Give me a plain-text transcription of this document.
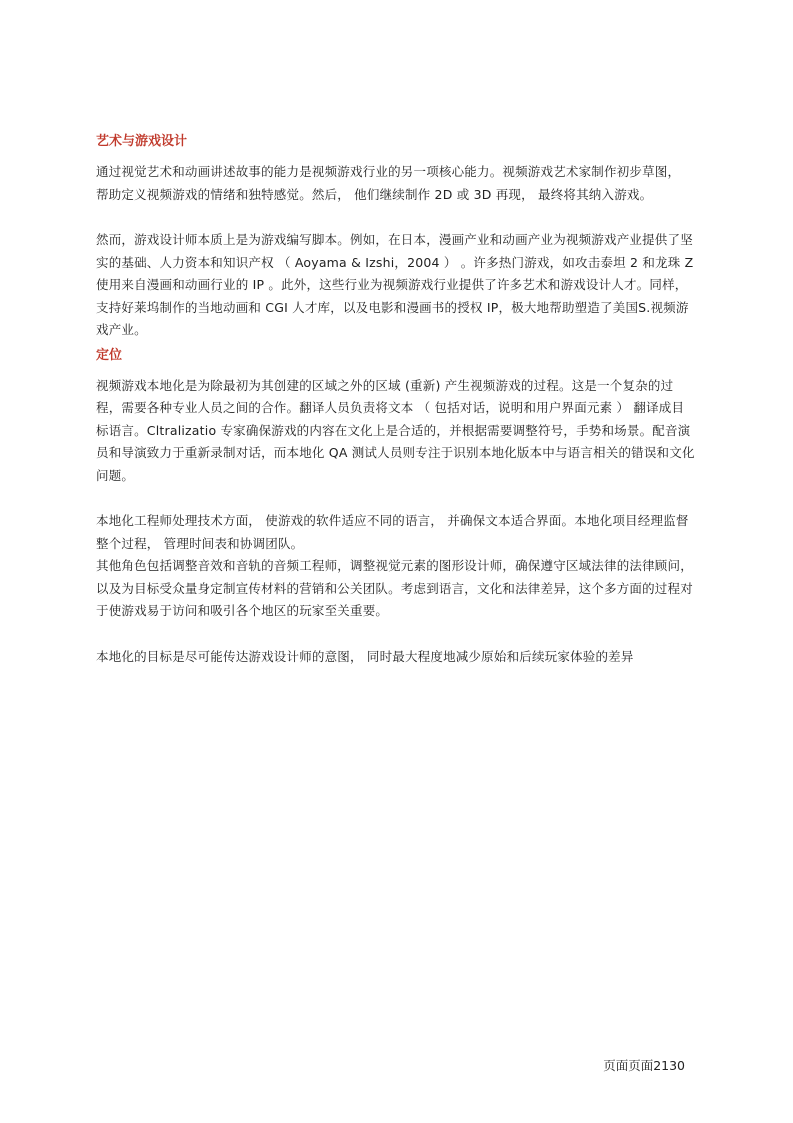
艺术与游戏设计

通过视觉艺术和动画讲述故事的能力是视频游戏行业的另一项核心能力。视频游戏艺术家制作初步草图， 帮助定义视频游戏的情绪和独特感觉。然后， 他们继续制作 2D 或 3D 再现， 最终将其纳入游戏。

然而，游戏设计师本质上是为游戏编写脚本。例如，在日本，漫画产业和动画产业为视频游戏产业提供了坚实的基础、人力资本和知识产权 （ Aoyama & Izshi，2004 ） 。许多热门游戏，如攻击泰坦 2 和龙珠 Z 使用来自漫画和动画行业的 IP 。此外，这些行业为视频游戏行业提供了许多艺术和游戏设计人才。同样，支持好莱坞制作的当地动画和 CGI 人才库，以及电影和漫画书的授权 IP，极大地帮助塑造了美国S.视频游戏产业。

定位

视频游戏本地化是为除最初为其创建的区域之外的区域 (重新) 产生视频游戏的过程。这是一个复杂的过程，需要各种专业人员之间的合作。翻译人员负责将文本 （ 包括对话，说明和用户界面元素 ） 翻译成目标语言。Cltralizatio 专家确保游戏的内容在文化上是合适的，并根据需要调整符号，手势和场景。配音演员和导演致力于重新录制对话，而本地化 QA 测试人员则专注于识别本地化版本中与语言相关的错误和文化问题。

本地化工程师处理技术方面， 使游戏的软件适应不同的语言， 并确保文本适合界面。本地化项目经理监督整个过程， 管理时间表和协调团队。

其他角色包括调整音效和音轨的音频工程师，调整视觉元素的图形设计师，确保遵守区域法律的法律顾问，以及为目标受众量身定制宣传材料的营销和公关团队。考虑到语言，文化和法律差异，这个多方面的过程对于使游戏易于访问和吸引各个地区的玩家至关重要。

本地化的目标是尽可能传达游戏设计师的意图， 同时最大程度地减少原始和后续玩家体验的差异

页面页面2130
